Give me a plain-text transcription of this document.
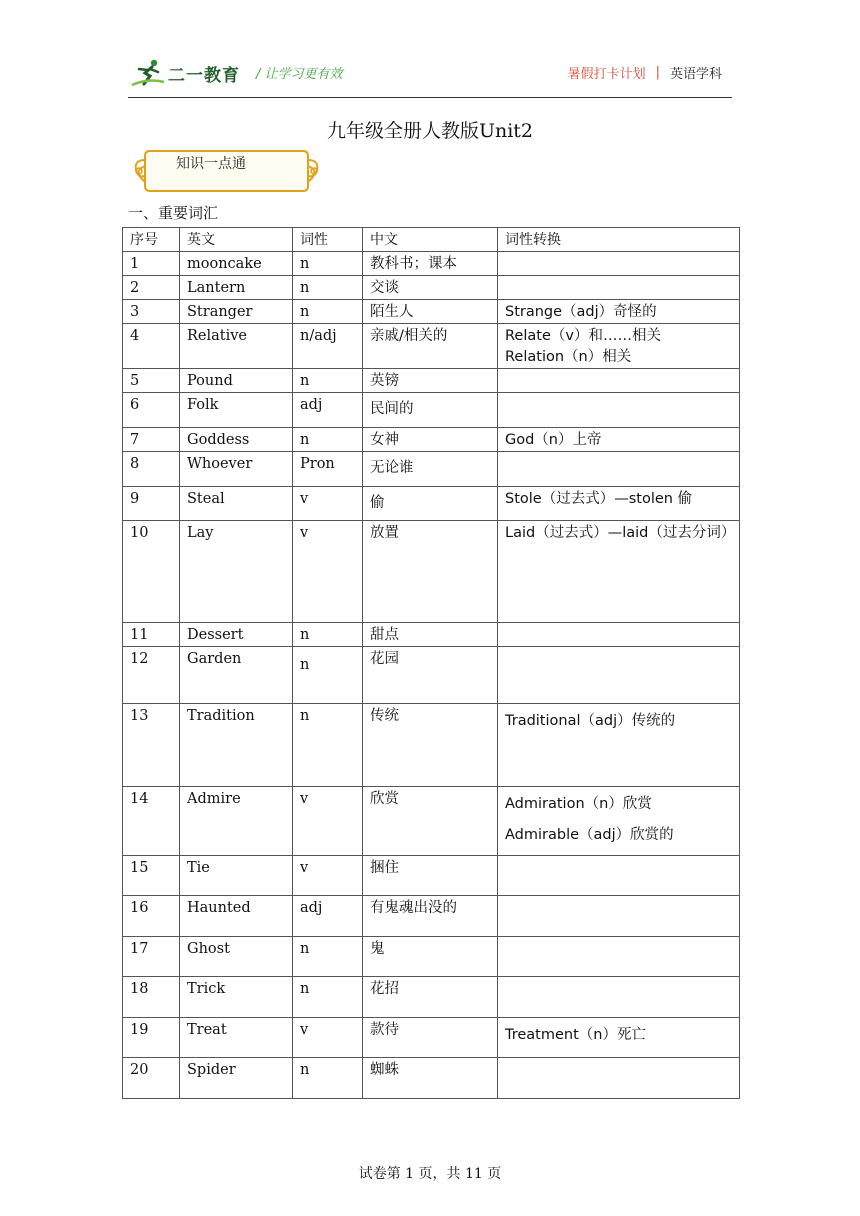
二一教育 / 让学习更有效	暑假打卡计划 | 英语学科
九年级全册人教版Unit2
知识一点通
一、重要词汇
序号	英文	词性	中文	词性转换
1	mooncake	n	教科书；课本	
2	Lantern	n	交谈	
3	Stranger	n	陌生人	Strange（adj）奇怪的
4	Relative	n/adj	亲戚/相关的	Relate（v）和……相关
Relation（n）相关
5	Pound	n	英镑	
6	Folk	adj	民间的	
7	Goddess	n	女神	God（n）上帝
8	Whoever	Pron	无论谁	
9	Steal	v	偷	Stole（过去式）—stolen 偷
10	Lay	v	放置	Laid（过去式）—laid（过去分词）
11	Dessert	n	甜点	
12	Garden	n	花园	
13	Tradition	n	传统	Traditional（adj）传统的
14	Admire	v	欣赏	Admiration（n）欣赏
Admirable（adj）欣赏的
15	Tie	v	捆住	
16	Haunted	adj	有鬼魂出没的	
17	Ghost	n	鬼	
18	Trick	n	花招	
19	Treat	v	款待	Treatment（n）死亡
20	Spider	n	蜘蛛	
试卷第 1 页，共 11 页
